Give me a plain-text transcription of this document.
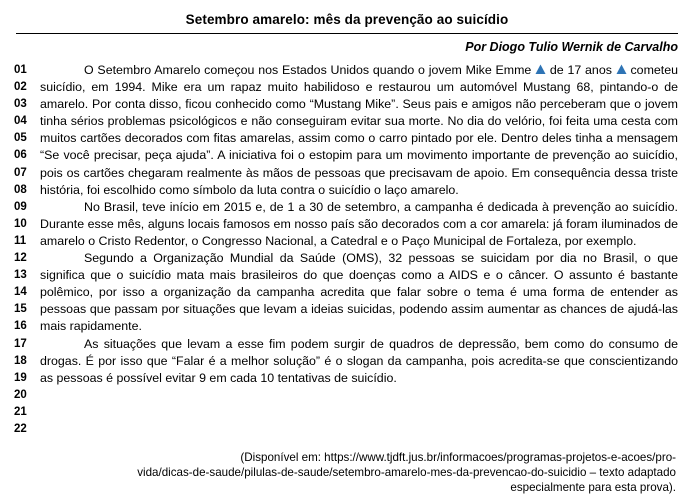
Setembro amarelo: mês da prevenção ao suicídio
Por Diogo Tulio Wernik de Carvalho
01
02
03
04
05
06
07
08
09
10
11
12
13
14
15
16
17
18
19
20
21
22

O Setembro Amarelo começou nos Estados Unidos quando o jovem Mike Emme
de 17 anos
cometeu suicídio, em 1994. Mike era um rapaz muito habilidoso e restaurou um automóvel Mustang 68, pintando-o de amarelo. Por conta disso, ficou conhecido como “Mustang Mike”. Seus pais e amigos não perceberam que o jovem tinha sérios problemas psicológicos e não conseguiram evitar sua morte. No dia do velório, foi feita uma cesta com muitos cartões decorados com fitas amarelas, assim como o carro pintado por ele. Dentro deles tinha a mensagem “Se você precisar, peça ajuda”. A iniciativa foi o estopim para um movimento importante de prevenção ao suicídio, pois os cartões chegaram realmente às mãos de pessoas que precisavam de apoio. Em consequência dessa triste história, foi escolhido como símbolo da luta contra o suicídio o laço amarelo.

No Brasil, teve início em 2015 e, de 1 a 30 de setembro, a campanha é dedicada à prevenção ao suicídio. Durante esse mês, alguns locais famosos em nosso país são decorados com a cor amarela: já foram iluminados de amarelo o Cristo Redentor, o Congresso Nacional, a Catedral e o Paço Municipal de Fortaleza, por exemplo.

Segundo a Organização Mundial da Saúde (OMS), 32 pessoas se suicidam por dia no Brasil, o que significa que o suicídio mata mais brasileiros do que doenças como a AIDS e o câncer. O assunto é bastante polêmico, por isso a organização da campanha acredita que falar sobre o tema é uma forma de entender as pessoas que passam por situações que levam a ideias suicidas, podendo assim aumentar as chances de ajudá-las mais rapidamente.

As situações que levam a esse fim podem surgir de quadros de depressão, bem como do consumo de drogas. É por isso que “Falar é a melhor solução” é o slogan da campanha, pois acredita-se que conscientizando as pessoas é possível evitar 9 em cada 10 tentativas de suicídio.

(Disponível em: https://www.tjdft.jus.br/informacoes/programas-projetos-e-acoes/pro-
vida/dicas-de-saude/pilulas-de-saude/setembro-amarelo-mes-da-prevencao-do-suicidio – texto adaptado
especialmente para esta prova).
